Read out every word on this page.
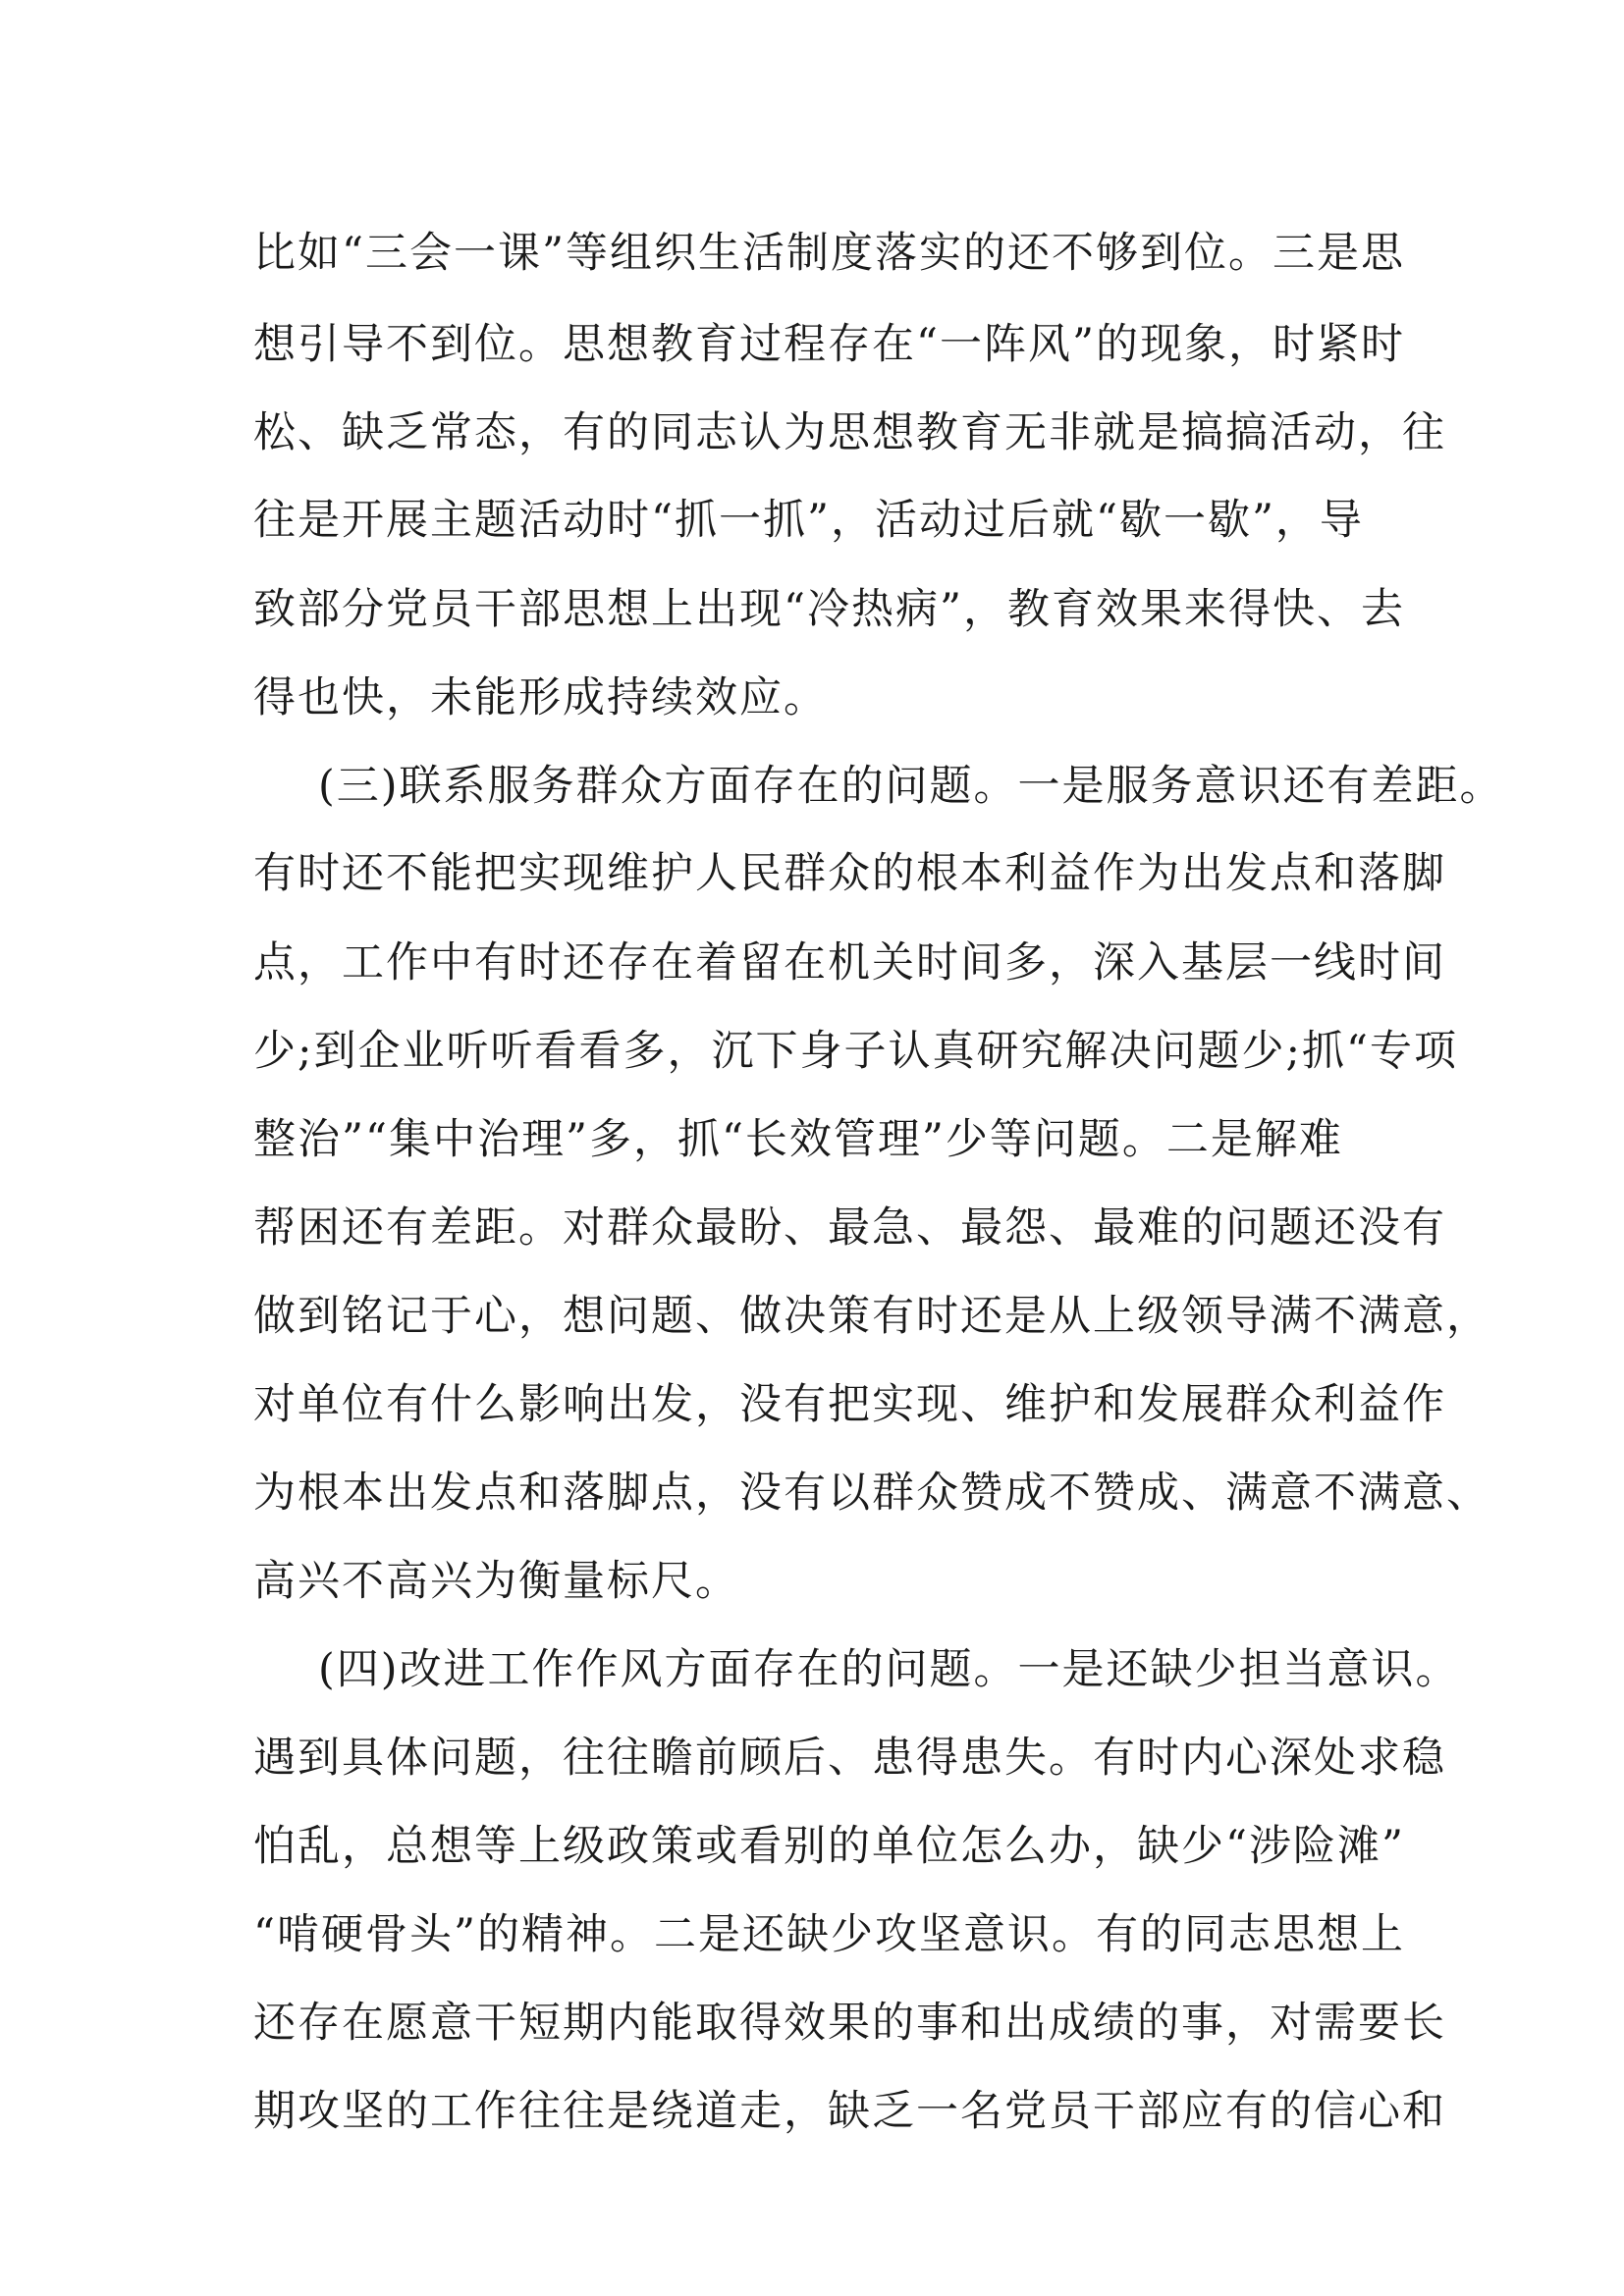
比如“三会一课”等组织生活制度落实的还不够到位。三是思
想引导不到位。思想教育过程存在“一阵风”的现象，时紧时
松、缺乏常态，有的同志认为思想教育无非就是搞搞活动，往
往是开展主题活动时“抓一抓”，活动过后就“歇一歇”，导
致部分党员干部思想上出现“冷热病”，教育效果来得快、去
得也快，未能形成持续效应。
(三)联系服务群众方面存在的问题。一是服务意识还有差距。
有时还不能把实现维护人民群众的根本利益作为出发点和落脚
点，工作中有时还存在着留在机关时间多，深入基层一线时间
少;到企业听听看看多，沉下身子认真研究解决问题少;抓“专项
整治”“集中治理”多，抓“长效管理”少等问题。二是解难
帮困还有差距。对群众最盼、最急、最怨、最难的问题还没有
做到铭记于心，想问题、做决策有时还是从上级领导满不满意，
对单位有什么影响出发，没有把实现、维护和发展群众利益作
为根本出发点和落脚点，没有以群众赞成不赞成、满意不满意、
高兴不高兴为衡量标尺。
(四)改进工作作风方面存在的问题。一是还缺少担当意识。
遇到具体问题，往往瞻前顾后、患得患失。有时内心深处求稳
怕乱，总想等上级政策或看别的单位怎么办，缺少“涉险滩”
“啃硬骨头”的精神。二是还缺少攻坚意识。有的同志思想上
还存在愿意干短期内能取得效果的事和出成绩的事，对需要长
期攻坚的工作往往是绕道走，缺乏一名党员干部应有的信心和
